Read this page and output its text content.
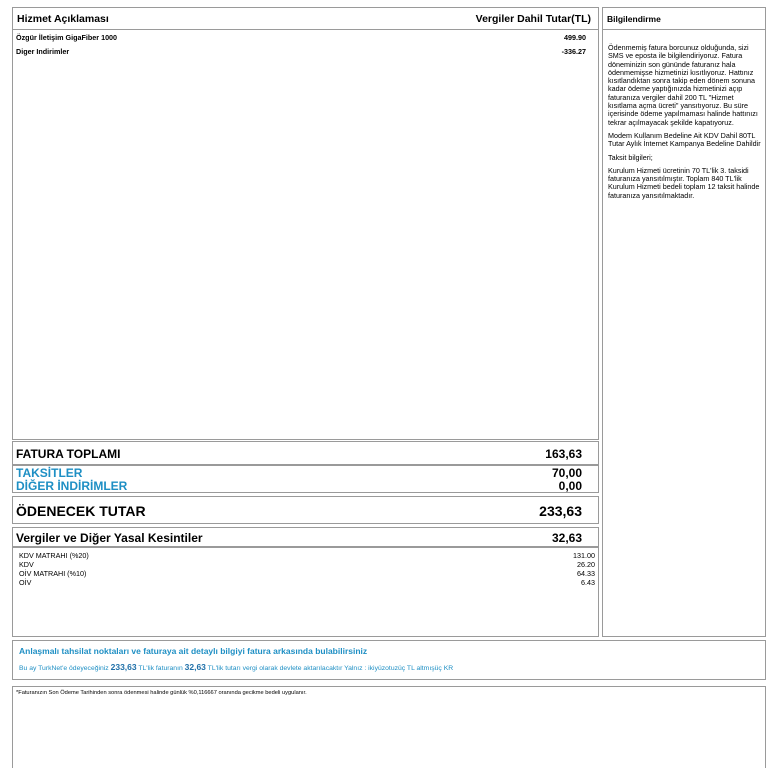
Hizmet Açıklaması	Vergiler Dahil Tutar(TL)
Özgür İletişim GigaFiber 1000	499.90
Diger Indirimler	-336.27
Bilgilendirme

Ödenmemiş fatura borcunuz olduğunda, sizi SMS ve eposta ile bilgilendiriyoruz. Fatura döneminizin son gününde faturanız hala ödenmemişse hizmetinizi kısıtlıyoruz. Hattınız kısıtlandıktan sonra takip eden dönem sonuna kadar ödeme yaptığınızda hizmetinizi açıp faturanıza vergiler dahil 200 TL "Hizmet kısıtlama açma ücreti" yansıtıyoruz. Bu süre içerisinde ödeme yapılmaması halinde hattınızı tekrar açılmayacak şekilde kapatıyoruz.

Modem Kullanım Bedeline Ait KDV Dahil 80TL Tutar Aylık İnternet Kampanya Bedeline Dahildir

Taksit bilgileri;

Kurulum Hizmeti ücretinin 70 TL'lik 3. taksidi faturanıza yansıtılmıştır. Toplam 840 TL'lik Kurulum Hizmeti bedeli toplam 12 taksit halinde faturanıza yansıtılmaktadır.

FATURA TOPLAMI	163,63
TAKSİTLER	70,00
DİĞER İNDİRİMLER	0,00
ÖDENECEK TUTAR	233,63
Vergiler ve Diğer Yasal Kesintiler	32,63
KDV MATRAHI (%20)	131.00
KDV	26.20
OİV MATRAHI (%10)	64.33
OİV	6.43
Anlaşmalı tahsilat noktaları ve faturaya ait detaylı bilgiyi fatura arkasında bulabilirsiniz
Bu ay TurkNet'e ödeyeceğiniz 233,63 TL'lik faturanın 32,63 TL'lik tutarı vergi olarak devlete aktarılacaktır Yalnız : ikiyüzotuzüç TL altmışüç KR
*Faturanızın Son Ödeme Tarihinden sonra ödenmesi halinde günlük %0,116667 oranında gecikme bedeli uygulanır.
